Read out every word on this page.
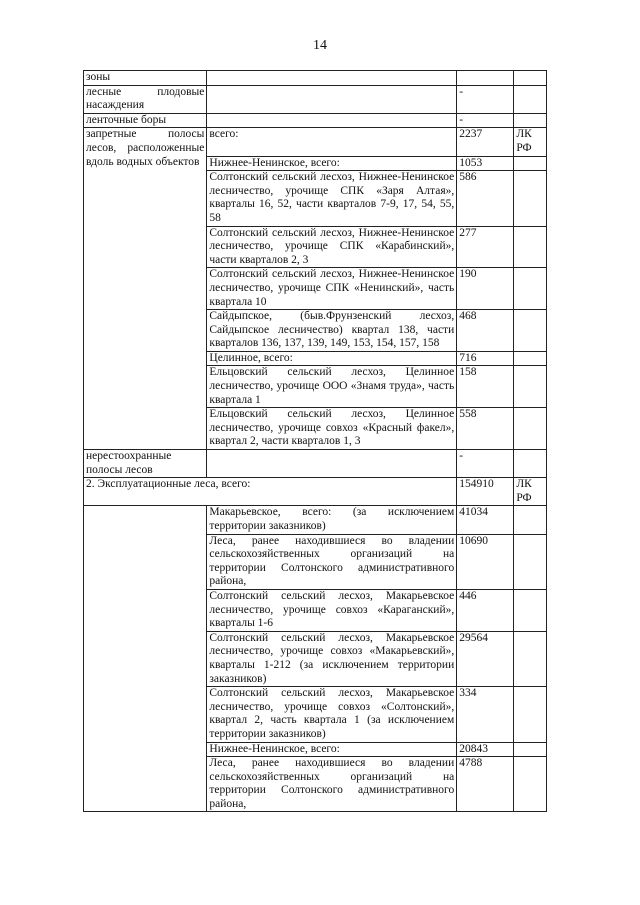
14
зоны			
лесные плодовые насаждения		-	
ленточные боры		-	
запретные полосы лесов, расположенные вдоль водных объектов	всего:	2237	ЛК РФ
	Нижнее-Ненинское, всего:	1053	
	Солтонский сельский лесхоз, Нижнее-Ненинское лесничество, урочище СПК «Заря Алтая», кварталы 16, 52, части кварталов 7-9, 17, 54, 55, 58	586	
	Солтонский сельский лесхоз, Нижнее-Ненинское лесничество, урочище СПК «Карабинский», части кварталов 2, 3	277	
	Солтонский сельский лесхоз, Нижнее-Ненинское лесничество, урочище СПК «Ненинский», часть квартала 10	190	
	Сайдыпское, (быв.Фрунзенский лесхоз, Сайдыпское лесничество) квартал 138, части кварталов 136, 137, 139, 149, 153, 154, 157, 158	468	
	Целинное, всего:	716	
	Ельцовский сельский лесхоз, Целинное лесничество, урочище ООО «Знамя труда», часть квартала 1	158	
	Ельцовский сельский лесхоз, Целинное лесничество, урочище совхоз «Красный факел», квартал 2, части кварталов 1, 3	558	
нерестоохранные полосы лесов		-	
2. Эксплуатационные леса, всего:		154910	ЛК РФ
	Макарьевское, всего: (за исключением территории заказников)	41034	
	Леса, ранее находившиеся во владении сельскохозяйственных организаций на территории Солтонского административного района,	10690	
	Солтонский сельский лесхоз, Макарьевское лесничество, урочище совхоз «Караганский», кварталы 1-6	446	
	Солтонский сельский лесхоз, Макарьевское лесничество, урочище совхоз «Макарьевский», кварталы 1-212 (за исключением территории заказников)	29564	
	Солтонский сельский лесхоз, Макарьевское лесничество, урочище совхоз «Солтонский», квартал 2, часть квартала 1 (за исключением территории заказников)	334	
	Нижнее-Ненинское, всего:	20843	
	Леса, ранее находившиеся во владении сельскохозяйственных организаций на территории Солтонского административного района,	4788	
